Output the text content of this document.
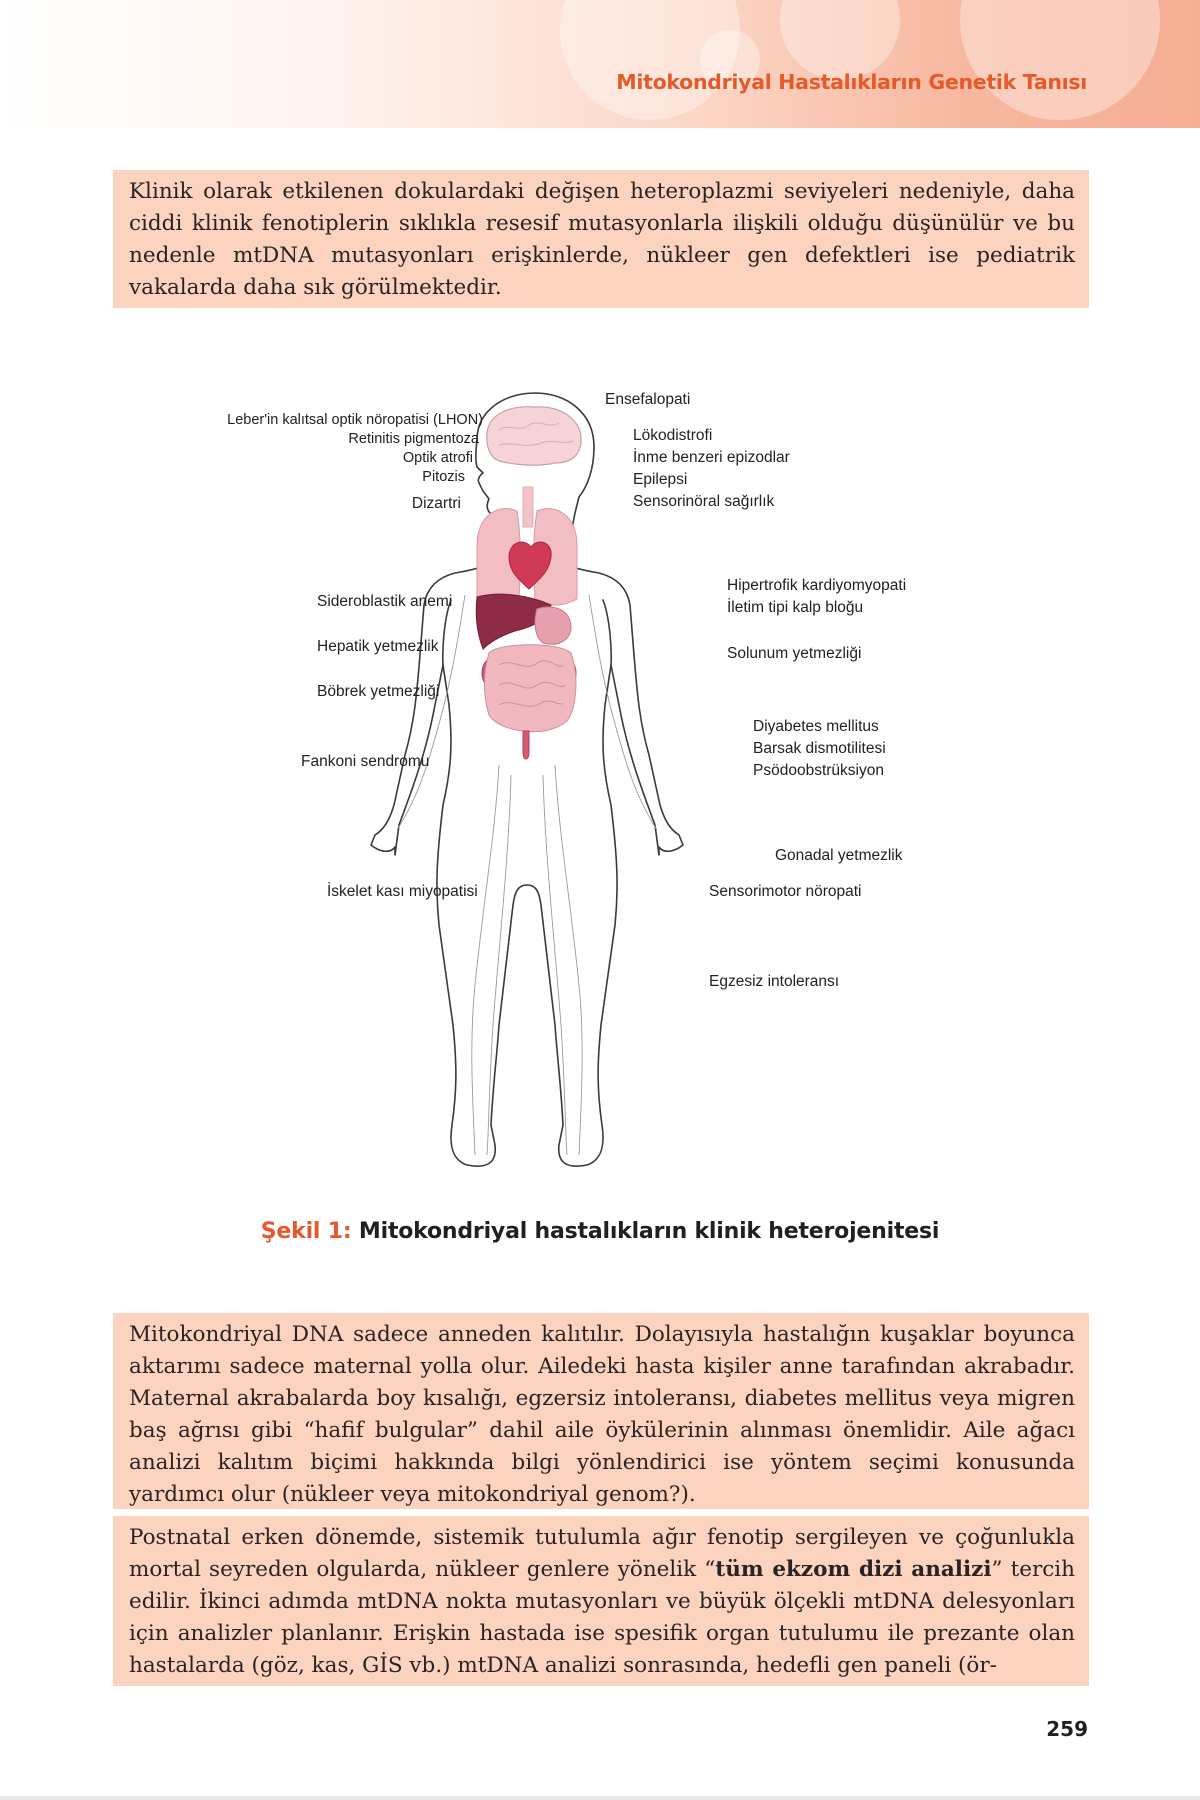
Mitokondriyal Hastalıkların Genetik Tanısı

Klinik olarak etkilenen dokulardaki değişen heteroplazmi seviyeleri nedeniyle, daha ciddi klinik fenotiplerin sıklıkla resesif mutasyonlarla ilişkili olduğu düşünülür ve bu nedenle mtDNA mutasyonları erişkinlerde, nükleer gen defektleri ise pediatrik vakalarda daha sık görülmektedir.

Leber'in kalıtsal optik nöropatisi (LHON)
Retinitis pigmentoza
Optik atrofi
Pitozis
Dizartri
Ensefalopati
Lökodistrofi
İnme benzeri epizodlar
Epilepsi
Sensorinöral sağırlık
Sideroblastik anemi
Hepatik yetmezlik
Böbrek yetmezliği
Fankoni sendromu
İskelet kası miyopatisi
Hipertrofik kardiyomyopati
İletim tipi kalp bloğu
Solunum yetmezliği
Diyabetes mellitus
Barsak dismotilitesi
Psödoobstrüksiyon
Gonadal yetmezlik
Sensorimotor nöropati
Egzesiz intoleransı
Şekil 1: Mitokondriyal hastalıkların klinik heterojenitesi

Mitokondriyal DNA sadece anneden kalıtılır. Dolayısıyla hastalığın kuşaklar boyunca aktarımı sadece maternal yolla olur. Ailedeki hasta kişiler anne tarafından akrabadır. Maternal akrabalarda boy kısalığı, egzersiz intoleransı, diabetes mellitus veya migren baş ağrısı gibi “hafif bulgular” dahil aile öykülerinin alınması önemlidir. Aile ağacı analizi kalıtım biçimi hakkında bilgi yönlendirici ise yöntem seçimi konusunda yardımcı olur (nükleer veya mitokondriyal genom?).

Postnatal erken dönemde, sistemik tutulumla ağır fenotip sergileyen ve çoğunlukla mortal seyreden olgularda, nükleer genlere yönelik “tüm ekzom dizi analizi” tercih edilir. İkinci adımda mtDNA nokta mutasyonları ve büyük ölçekli mtDNA delesyonları için analizler planlanır. Erişkin hastada ise spesifik organ tutulumu ile prezante olan hastalarda (göz, kas, GİS vb.) mtDNA analizi sonrasında, hedefli gen paneli (ör-

259
